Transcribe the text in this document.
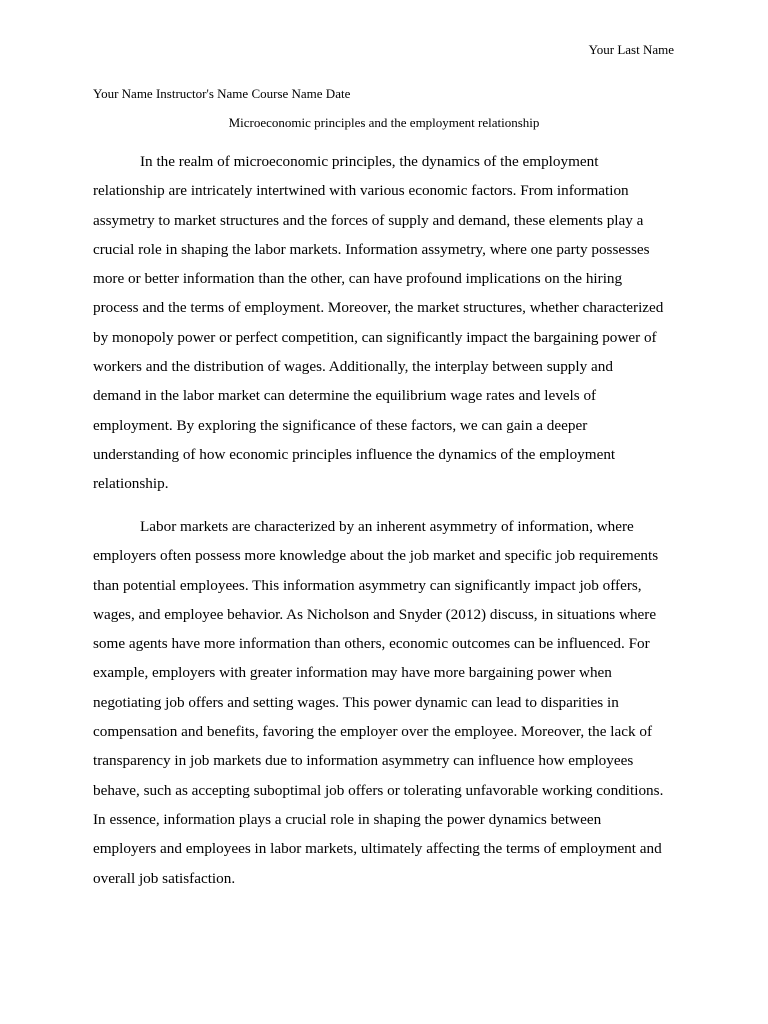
Your Last Name
Your Name Instructor's Name Course Name Date
Microeconomic principles and the employment relationship

In the realm of microeconomic principles, the dynamics of the employment
relationship are intricately intertwined with various economic factors. From information
assymetry to market structures and the forces of supply and demand, these elements play a
crucial role in shaping the labor markets. Information assymetry, where one party possesses
more or better information than the other, can have profound implications on the hiring
process and the terms of employment. Moreover, the market structures, whether characterized
by monopoly power or perfect competition, can significantly impact the bargaining power of
workers and the distribution of wages. Additionally, the interplay between supply and
demand in the labor market can determine the equilibrium wage rates and levels of
employment. By exploring the significance of these factors, we can gain a deeper
understanding of how economic principles influence the dynamics of the employment
relationship.

Labor markets are characterized by an inherent asymmetry of information, where
employers often possess more knowledge about the job market and specific job requirements
than potential employees. This information asymmetry can significantly impact job offers,
wages, and employee behavior. As Nicholson and Snyder (2012) discuss, in situations where
some agents have more information than others, economic outcomes can be influenced. For
example, employers with greater information may have more bargaining power when
negotiating job offers and setting wages. This power dynamic can lead to disparities in
compensation and benefits, favoring the employer over the employee. Moreover, the lack of
transparency in job markets due to information asymmetry can influence how employees
behave, such as accepting suboptimal job offers or tolerating unfavorable working conditions.
In essence, information plays a crucial role in shaping the power dynamics between
employers and employees in labor markets, ultimately affecting the terms of employment and
overall job satisfaction.
